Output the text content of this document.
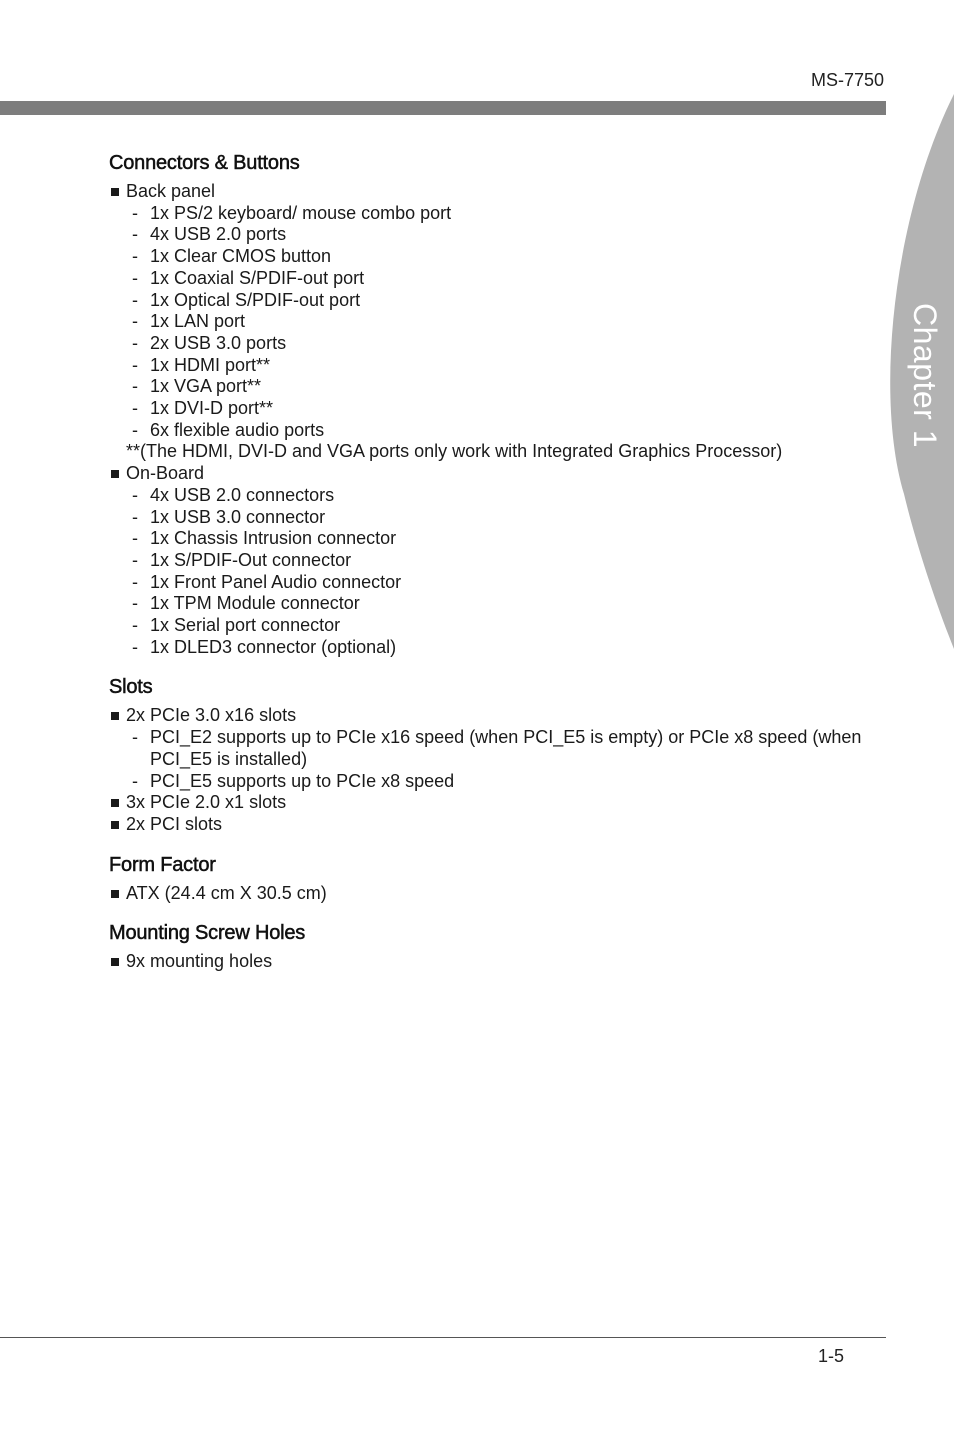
MS-7750
Chapter 1
Connectors & Buttons
Back panel
- 1x PS/2 keyboard/ mouse combo port
- 4x USB 2.0 ports
- 1x Clear CMOS button
- 1x Coaxial S/PDIF-out port
- 1x Optical S/PDIF-out port
- 1x LAN port
- 2x USB 3.0 ports
- 1x HDMI port**
- 1x VGA port**
- 1x DVI-D port**
- 6x flexible audio ports
**(The HDMI, DVI-D and VGA ports only work with Integrated Graphics Processor)
On-Board
- 4x USB 2.0 connectors
- 1x USB 3.0 connector
- 1x Chassis Intrusion connector
- 1x S/PDIF-Out connector
- 1x Front Panel Audio connector
- 1x TPM Module connector
- 1x Serial port connector
- 1x DLED3 connector (optional)
Slots
2x PCIe 3.0 x16 slots
- PCI_E2 supports up to PCIe x16 speed (when PCI_E5 is empty) or PCIe x8 speed (when PCI_E5 is installed)
- PCI_E5 supports up to PCIe x8 speed
3x PCIe 2.0 x1 slots
2x PCI slots
Form Factor
ATX (24.4 cm X 30.5 cm)
Mounting Screw Holes
9x mounting holes
1-5
